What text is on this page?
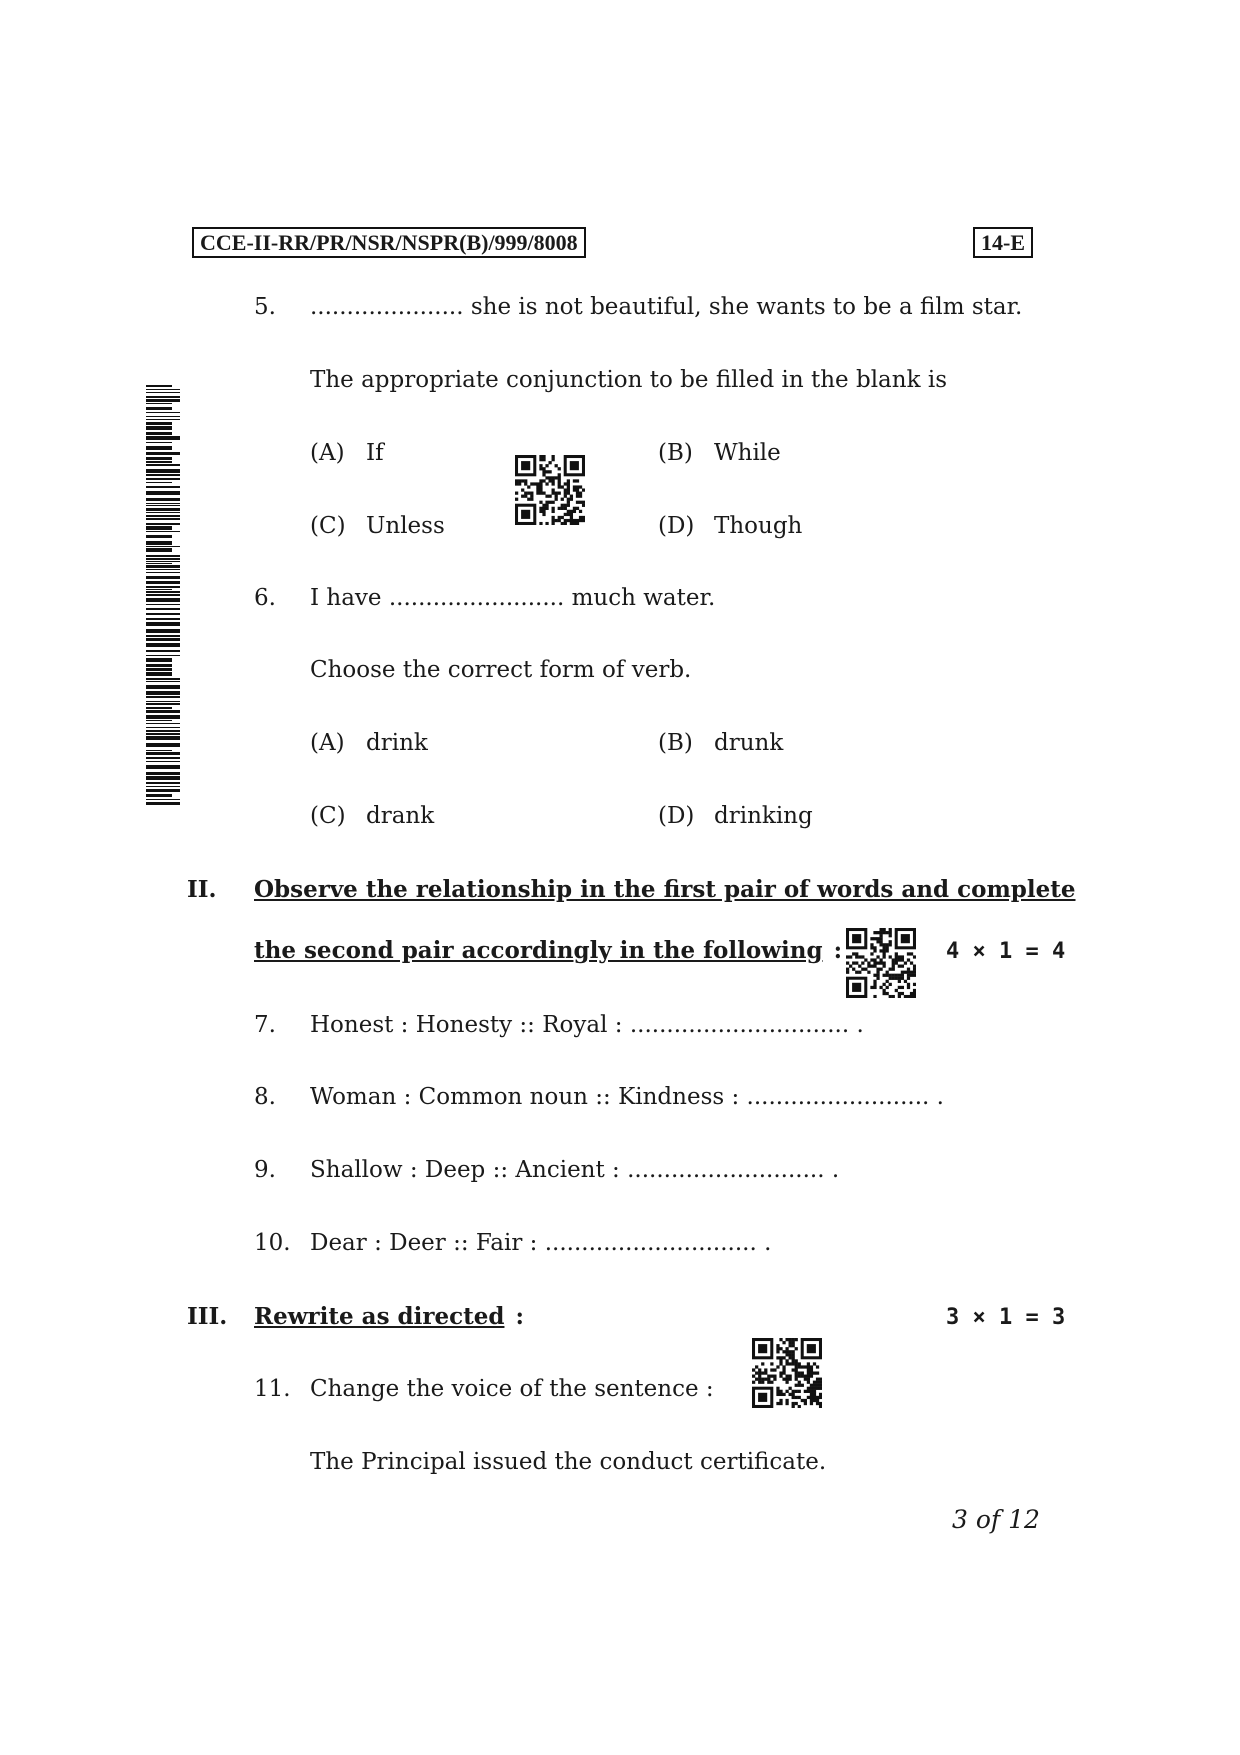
CCE-II-RR/PR/NSR/NSPR(B)/999/8008	14-E
5. ..................... she is not beautiful, she wants to be a film star.
The appropriate conjunction to be filled in the blank is
(A) If	(B) While
(C) Unless	(D) Though
6. I have ........................ much water.
Choose the correct form of verb.
(A) drink	(B) drunk
(C) drank	(D) drinking
II. Observe the relationship in the first pair of words and complete
the second pair accordingly in the following :	4 × 1 = 4
7. Honest : Honesty :: Royal : .............................. .
8. Woman : Common noun :: Kindness : ......................... .
9. Shallow : Deep :: Ancient : ........................... .
10. Dear : Deer :: Fair : ............................. .
III. Rewrite as directed :	3 × 1 = 3
11. Change the voice of the sentence :
The Principal issued the conduct certificate.
3 of 12
